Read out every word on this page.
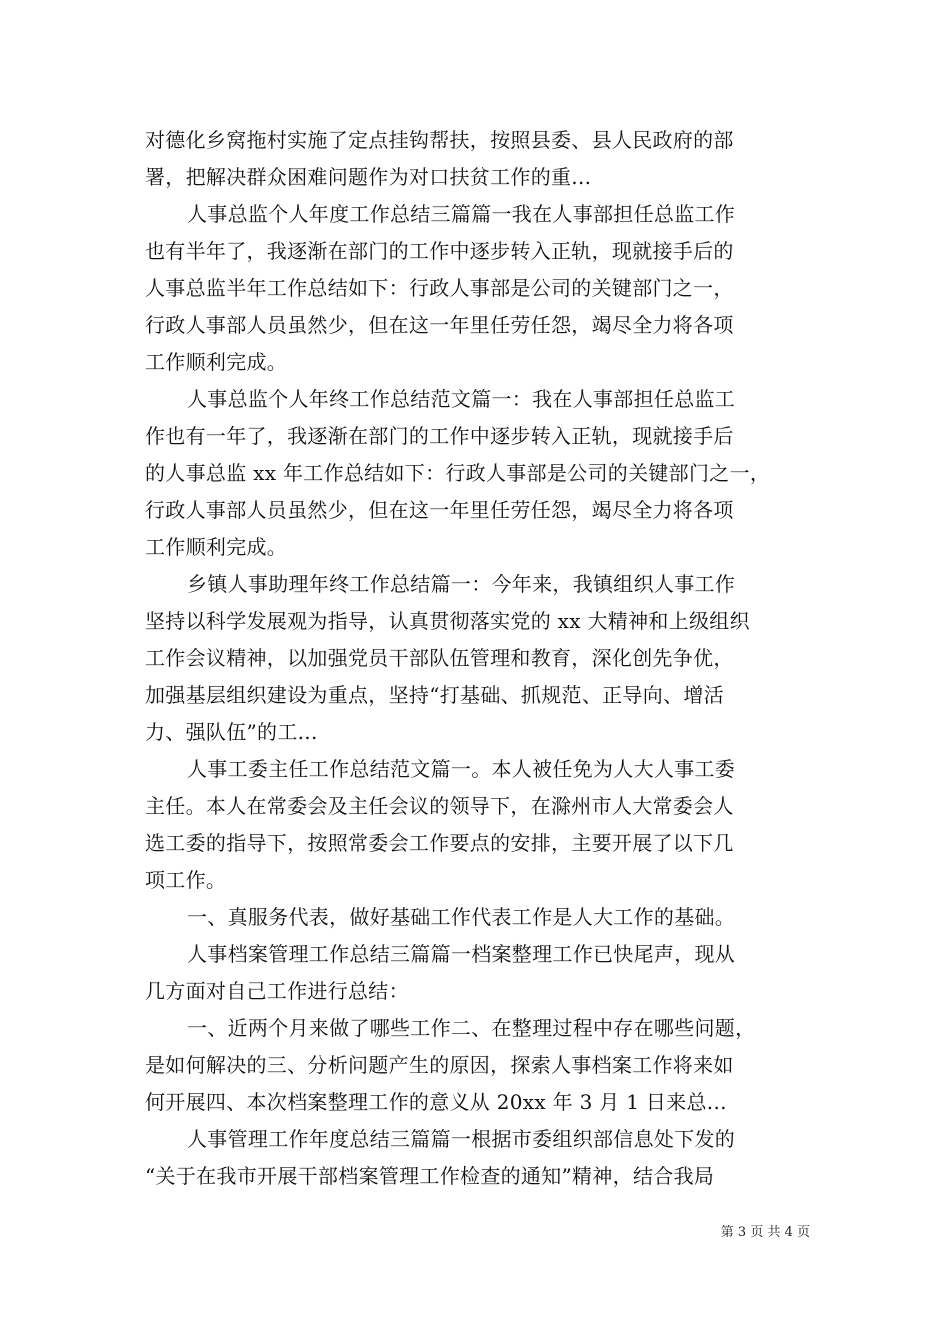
对德化乡窝拖村实施了定点挂钩帮扶，按照县委、县人民政府的部
署，把解决群众困难问题作为对口扶贫工作的重...
人事总监个人年度工作总结三篇篇一我在人事部担任总监工作
也有半年了，我逐渐在部门的工作中逐步转入正轨，现就接手后的
人事总监半年工作总结如下：行政人事部是公司的关键部门之一，
行政人事部人员虽然少，但在这一年里任劳任怨，竭尽全力将各项
工作顺利完成。
人事总监个人年终工作总结范文篇一：我在人事部担任总监工
作也有一年了，我逐渐在部门的工作中逐步转入正轨，现就接手后
的人事总监 xx 年工作总结如下：行政人事部是公司的关键部门之一，
行政人事部人员虽然少，但在这一年里任劳任怨，竭尽全力将各项
工作顺利完成。
乡镇人事助理年终工作总结篇一：今年来，我镇组织人事工作
坚持以科学发展观为指导，认真贯彻落实党的 xx 大精神和上级组织
工作会议精神，以加强党员干部队伍管理和教育，深化创先争优，
加强基层组织建设为重点，坚持“打基础、抓规范、正导向、增活
力、强队伍”的工...
人事工委主任工作总结范文篇一。本人被任免为人大人事工委
主任。本人在常委会及主任会议的领导下，在滁州市人大常委会人
选工委的指导下，按照常委会工作要点的安排，主要开展了以下几
项工作。
一、真服务代表，做好基础工作代表工作是人大工作的基础。
人事档案管理工作总结三篇篇一档案整理工作已快尾声，现从
几方面对自己工作进行总结：
一、近两个月来做了哪些工作二、在整理过程中存在哪些问题，
是如何解决的三、分析问题产生的原因，探索人事档案工作将来如
何开展四、本次档案整理工作的意义从 20xx 年 3 月 1 日来总...
人事管理工作年度总结三篇篇一根据市委组织部信息处下发的
“关于在我市开展干部档案管理工作检查的通知”精神，结合我局
第 3 页 共 4 页
